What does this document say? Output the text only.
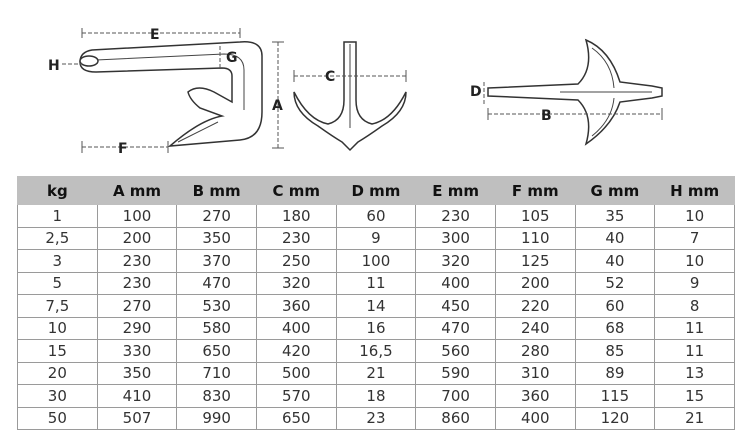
E
G
H
A
F
C
D
B
kg	A mm	B mm	C mm	D mm	E mm	F mm	G mm	H mm
1	100	270	180	60	230	105	35	10
2,5	200	350	230	9	300	110	40	7
3	230	370	250	100	320	125	40	10
5	230	470	320	11	400	200	52	9
7,5	270	530	360	14	450	220	60	8
10	290	580	400	16	470	240	68	11
15	330	650	420	16,5	560	280	85	11
20	350	710	500	21	590	310	89	13
30	410	830	570	18	700	360	115	15
50	507	990	650	23	860	400	120	21
